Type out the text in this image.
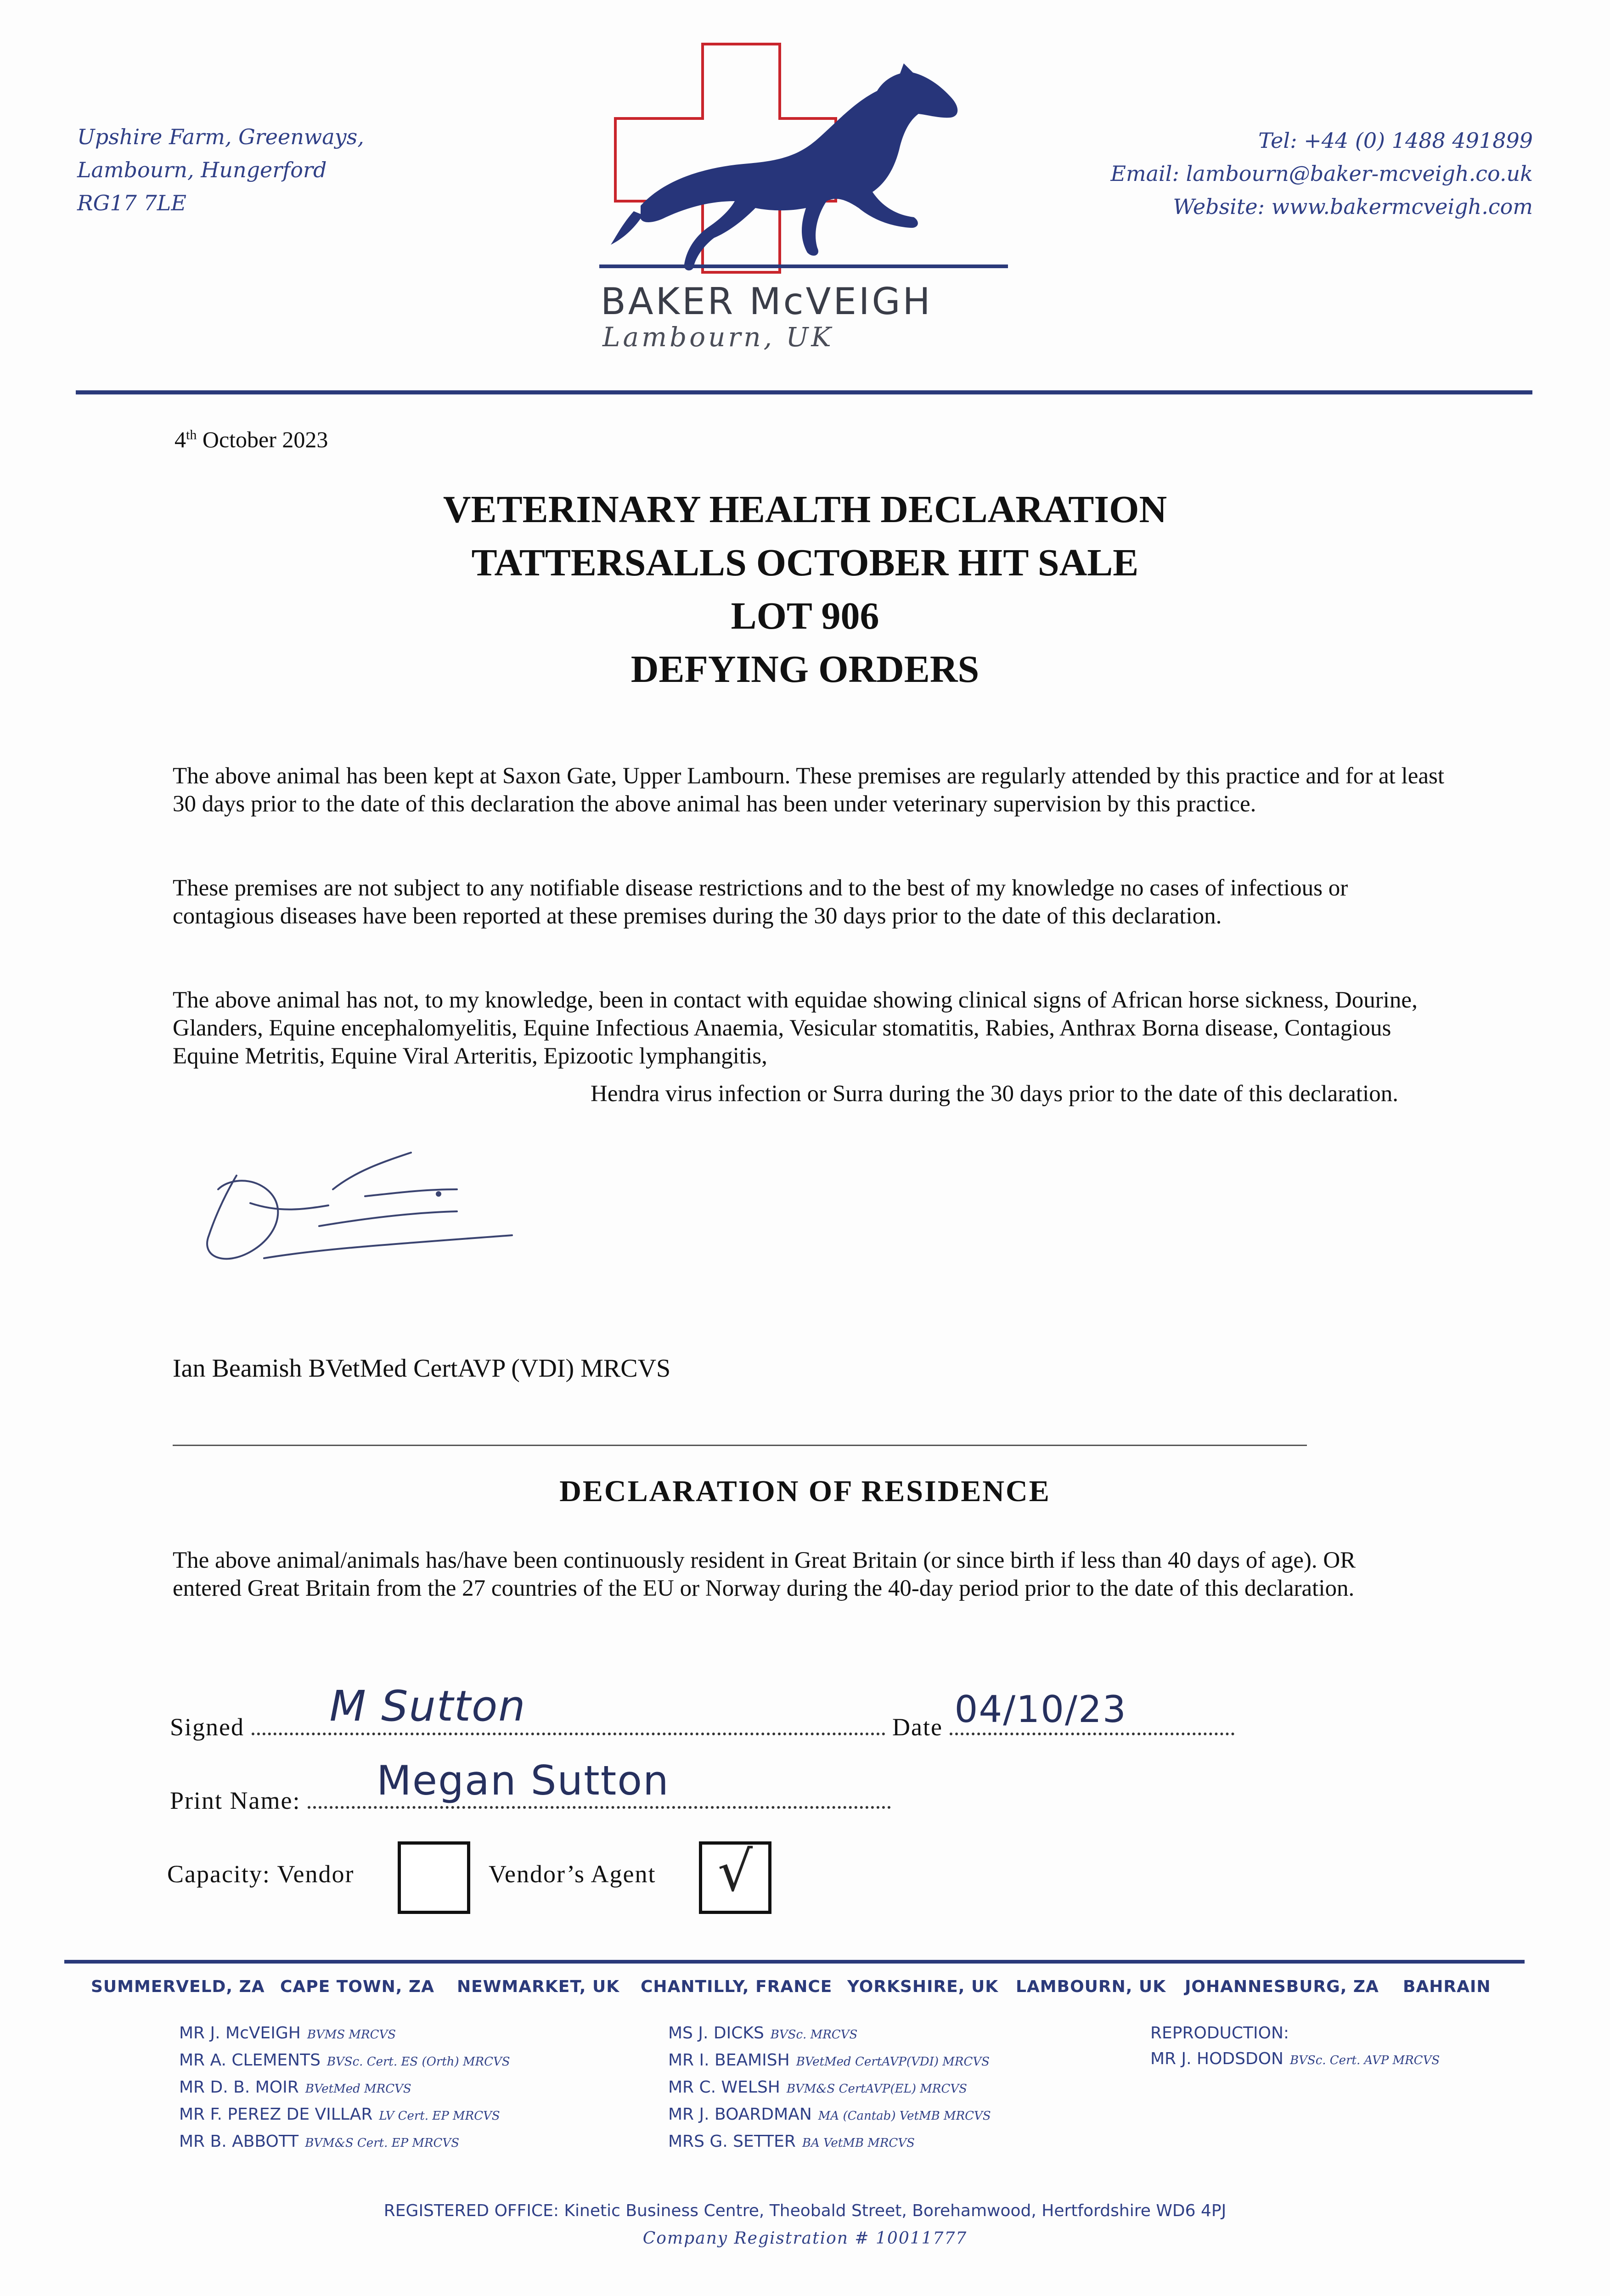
Upshire Farm, Greenways,
Lambourn, Hungerford
RG17 7LE
BAKER McVEIGH
Lambourn, UK
Tel: +44 (0) 1488 491899
Email: lambourn@baker-mcveigh.co.uk
Website: www.bakermcveigh.com
4th October 2023
VETERINARY HEALTH DECLARATION
TATTERSALLS OCTOBER HIT SALE
LOT 906
DEFYING ORDERS
The above animal has been kept at Saxon Gate, Upper Lambourn. These premises are regularly attended by this practice and for at least 30 days prior to the date of this declaration the above animal has been under veterinary supervision by this practice.
These premises are not subject to any notifiable disease restrictions and to the best of my knowledge no cases of infectious or contagious diseases have been reported at these premises during the 30 days prior to the date of this declaration.
The above animal has not, to my knowledge, been in contact with equidae showing clinical signs of African horse sickness, Dourine, Glanders, Equine encephalomyelitis, Equine Infectious Anaemia, Vesicular stomatitis, Rabies, Anthrax Borna disease, Contagious Equine Metritis, Equine Viral Arteritis, Epizootic lymphangitis,
Hendra virus infection or Surra during the 30 days prior to the date of this declaration.
Ian Beamish BVetMed CertAVP (VDI) MRCVS
DECLARATION OF RESIDENCE
The above animal/animals has/have been continuously resident in Great Britain (or since birth if less than 40 days of age). OR entered Great Britain from the 27 countries of the EU or Norway during the 40-day period prior to the date of this declaration.
Signed M Sutton	Date 04/10/23
Print Name: Megan Sutton
Capacity: Vendor	Vendor’s Agent	√
SUMMERVELD, ZA CAPE TOWN, ZA NEWMARKET, UK CHANTILLY, FRANCE YORKSHIRE, UK LAMBOURN, UK JOHANNESBURG, ZA BAHRAIN
MR J. McVEIGH BVMS MRCVS
MR A. CLEMENTS BVSc. Cert. ES (Orth) MRCVS
MR D. B. MOIR BVetMed MRCVS
MR F. PEREZ DE VILLAR LV Cert. EP MRCVS
MR B. ABBOTT BVM&S Cert. EP MRCVS
MS J. DICKS BVSc. MRCVS
MR I. BEAMISH BVetMed CertAVP(VDI) MRCVS
MR C. WELSH BVM&S CertAVP(EL) MRCVS
MR J. BOARDMAN MA (Cantab) VetMB MRCVS
MRS G. SETTER BA VetMB MRCVS
REPRODUCTION:
MR J. HODSDON BVSc. Cert. AVP MRCVS
REGISTERED OFFICE: Kinetic Business Centre, Theobald Street, Borehamwood, Hertfordshire WD6 4PJ
Company Registration # 10011777
